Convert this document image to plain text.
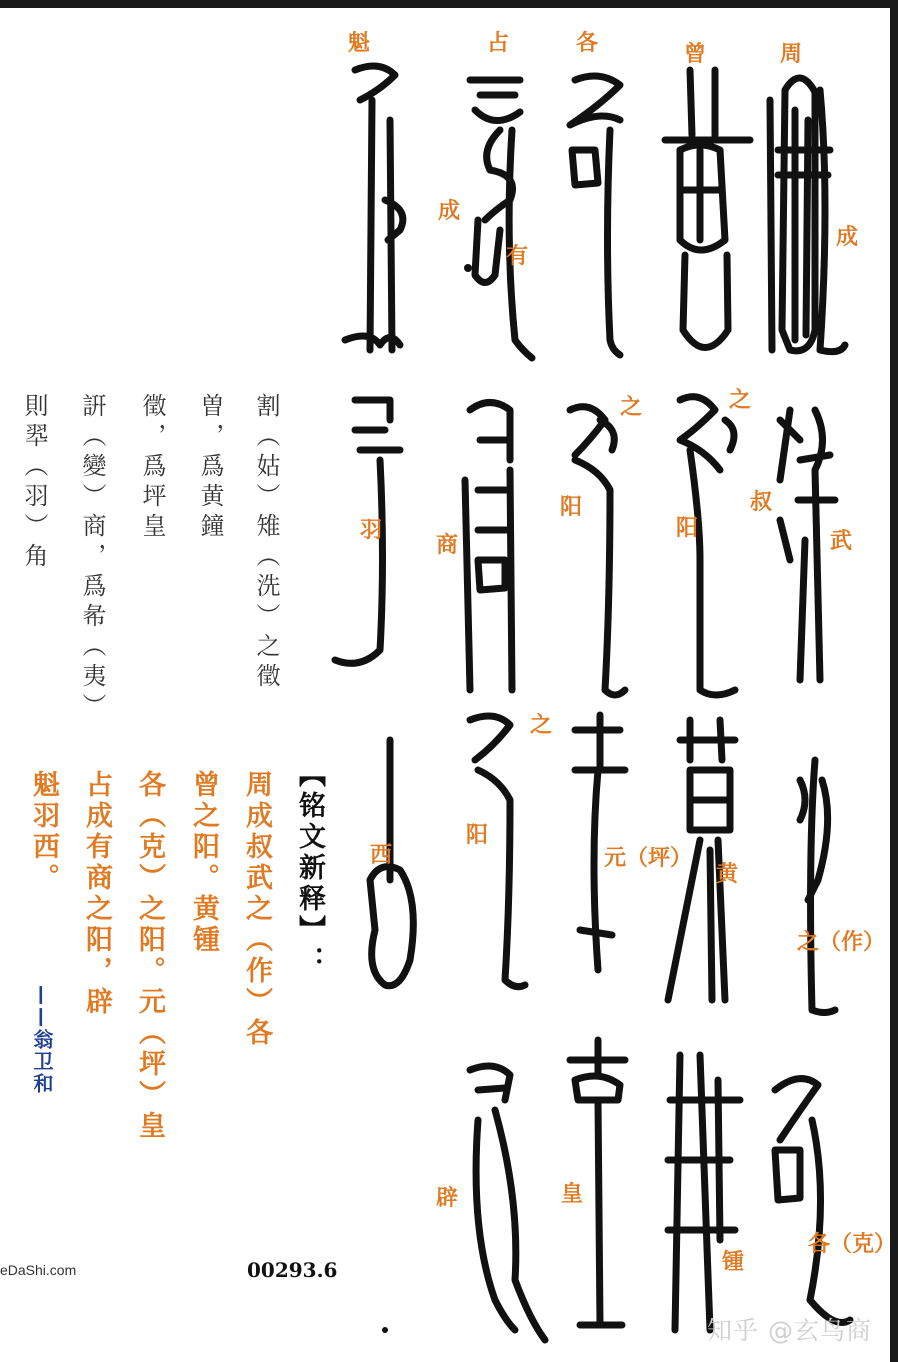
周
成
武
之（作）
各（克）
曾
之
叔
阳
黄
锺
各
之
阳
元（坪）
皇
占
成
有
商
之
阳
辟
魁
羽
西
割（姑）雉（洗）之徵
曽，爲黄鐘
徵，爲坪皇
詽（變）商，爲㣇（夷）
則翆（羽）角
【铭文新释】：
周成叔武之（作）各
曾之阳。黄锺
各（克）之阳。元（坪）皇
占成有商之阳，辟
魁羽西。
——翁卫和
eDaShi.com	00293.6
知乎 @玄鸟商
